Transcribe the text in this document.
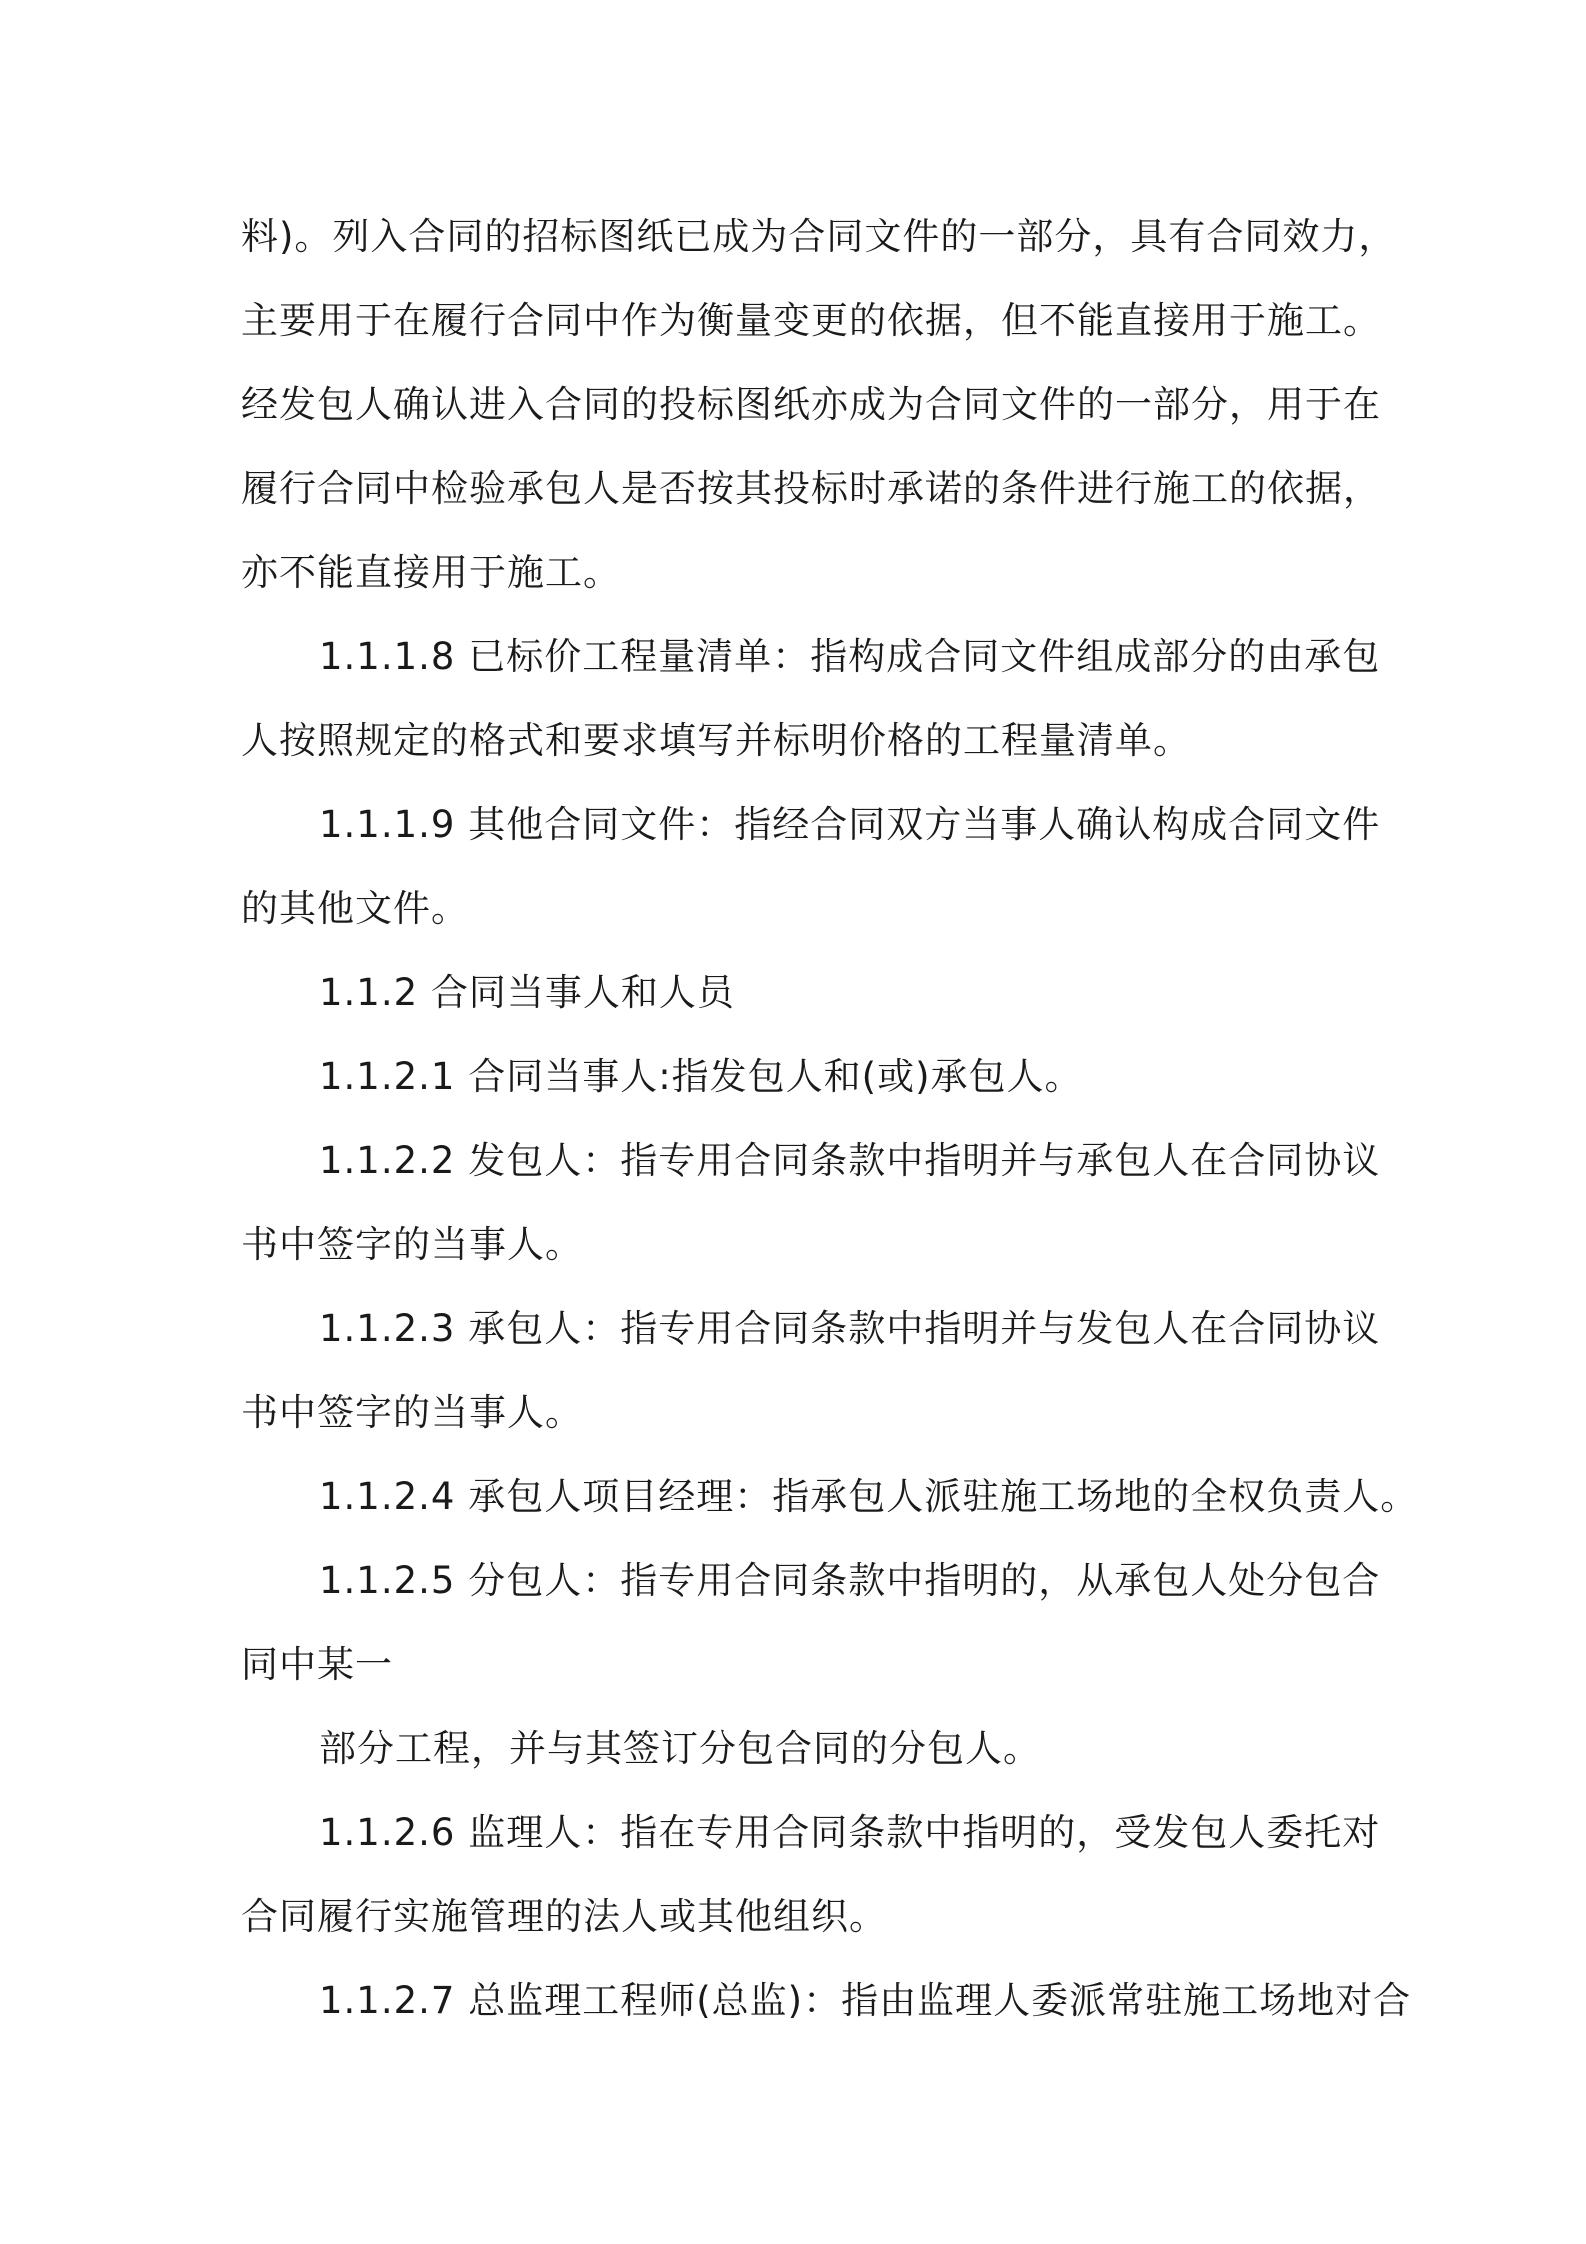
料)。列入合同的招标图纸已成为合同文件的一部分，具有合同效力，
主要用于在履行合同中作为衡量变更的依据，但不能直接用于施工。
经发包人确认进入合同的投标图纸亦成为合同文件的一部分，用于在
履行合同中检验承包人是否按其投标时承诺的条件进行施工的依据，
亦不能直接用于施工。
1.1.1.8 已标价工程量清单：指构成合同文件组成部分的由承包
人按照规定的格式和要求填写并标明价格的工程量清单。
1.1.1.9 其他合同文件：指经合同双方当事人确认构成合同文件
的其他文件。
1.1.2 合同当事人和人员
1.1.2.1 合同当事人:指发包人和(或)承包人。
1.1.2.2 发包人：指专用合同条款中指明并与承包人在合同协议
书中签字的当事人。
1.1.2.3 承包人：指专用合同条款中指明并与发包人在合同协议
书中签字的当事人。
1.1.2.4 承包人项目经理：指承包人派驻施工场地的全权负责人。
1.1.2.5 分包人：指专用合同条款中指明的，从承包人处分包合
同中某一
部分工程，并与其签订分包合同的分包人。
1.1.2.6 监理人：指在专用合同条款中指明的，受发包人委托对
合同履行实施管理的法人或其他组织。
1.1.2.7 总监理工程师(总监)：指由监理人委派常驻施工场地对合
